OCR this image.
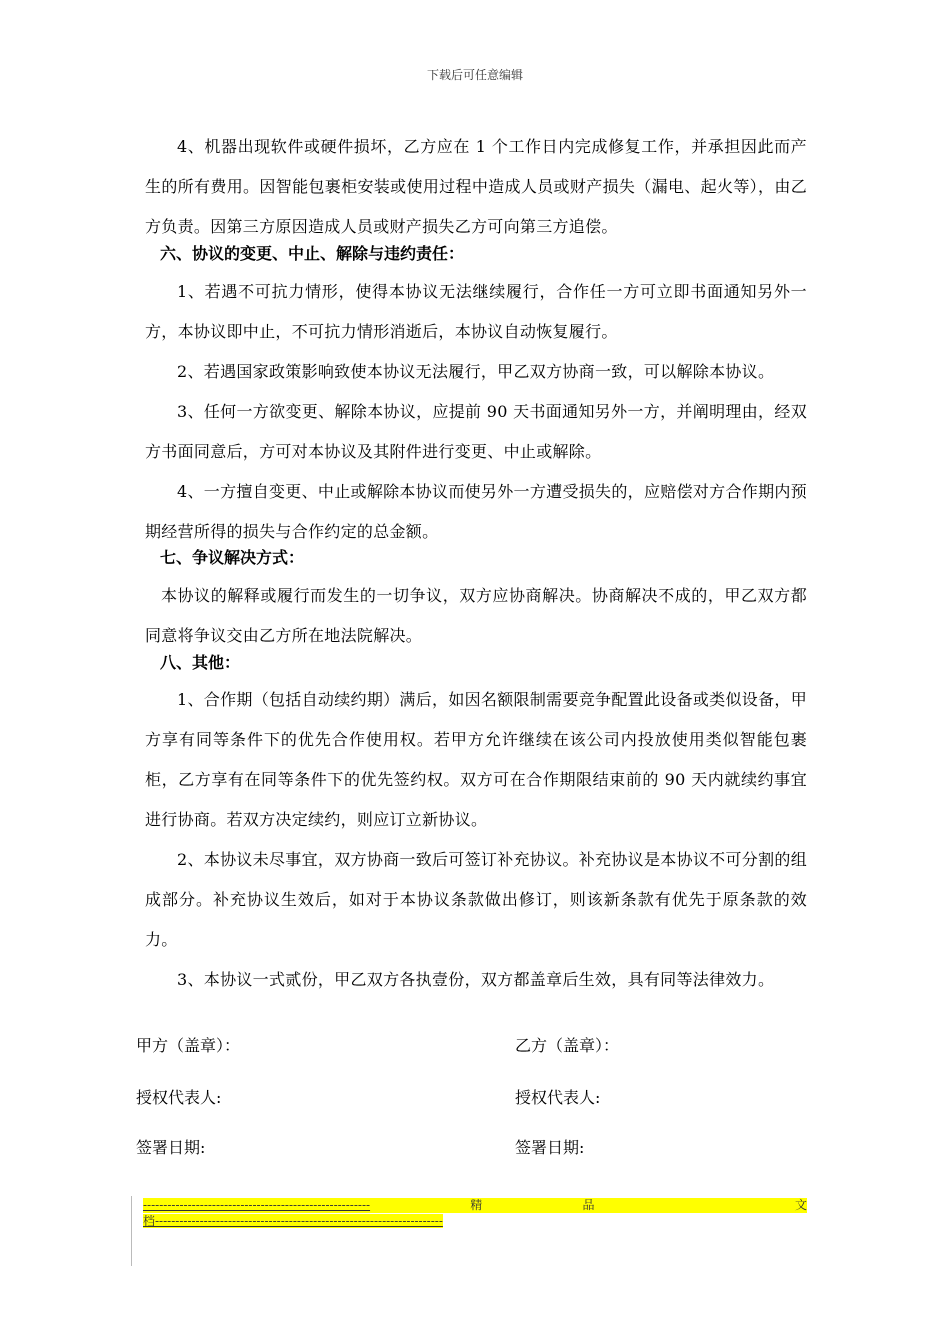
下载后可任意编辑
4、机器出现软件或硬件损坏，乙方应在 1 个工作日内完成修复工作，并承担因此而产生的所有费用。因智能包裹柜安装或使用过程中造成人员或财产损失（漏电、起火等），由乙方负责。因第三方原因造成人员或财产损失乙方可向第三方追偿。
六、协议的变更、中止、解除与违约责任：
1、若遇不可抗力情形，使得本协议无法继续履行，合作任一方可立即书面通知另外一方，本协议即中止，不可抗力情形消逝后，本协议自动恢复履行。
2、若遇国家政策影响致使本协议无法履行，甲乙双方协商一致，可以解除本协议。
3、任何一方欲变更、解除本协议，应提前 90 天书面通知另外一方，并阐明理由，经双方书面同意后，方可对本协议及其附件进行变更、中止或解除。
4、一方擅自变更、中止或解除本协议而使另外一方遭受损失的，应赔偿对方合作期内预期经营所得的损失与合作约定的总金额。
七、争议解决方式：
本协议的解释或履行而发生的一切争议，双方应协商解决。协商解决不成的，甲乙双方都同意将争议交由乙方所在地法院解决。
八、其他：
1、合作期（包括自动续约期）满后，如因名额限制需要竞争配置此设备或类似设备，甲方享有同等条件下的优先合作使用权。若甲方允许继续在该公司内投放使用类似智能包裹柜，乙方享有在同等条件下的优先签约权。双方可在合作期限结束前的 90 天内就续约事宜进行协商。若双方决定续约，则应订立新协议。
2、本协议未尽事宜，双方协商一致后可签订补充协议。补充协议是本协议不可分割的组成部分。补充协议生效后，如对于本协议条款做出修订，则该新条款有优先于原条款的效力。
3、本协议一式贰份，甲乙双方各执壹份，双方都盖章后生效，具有同等法律效力。
甲方（盖章）：	乙方（盖章）：
授权代表人:	授权代表人:
签署日期:	签署日期:
--------------------------------------------------------	精	品	文
档-----------------------------------------------------------------------
